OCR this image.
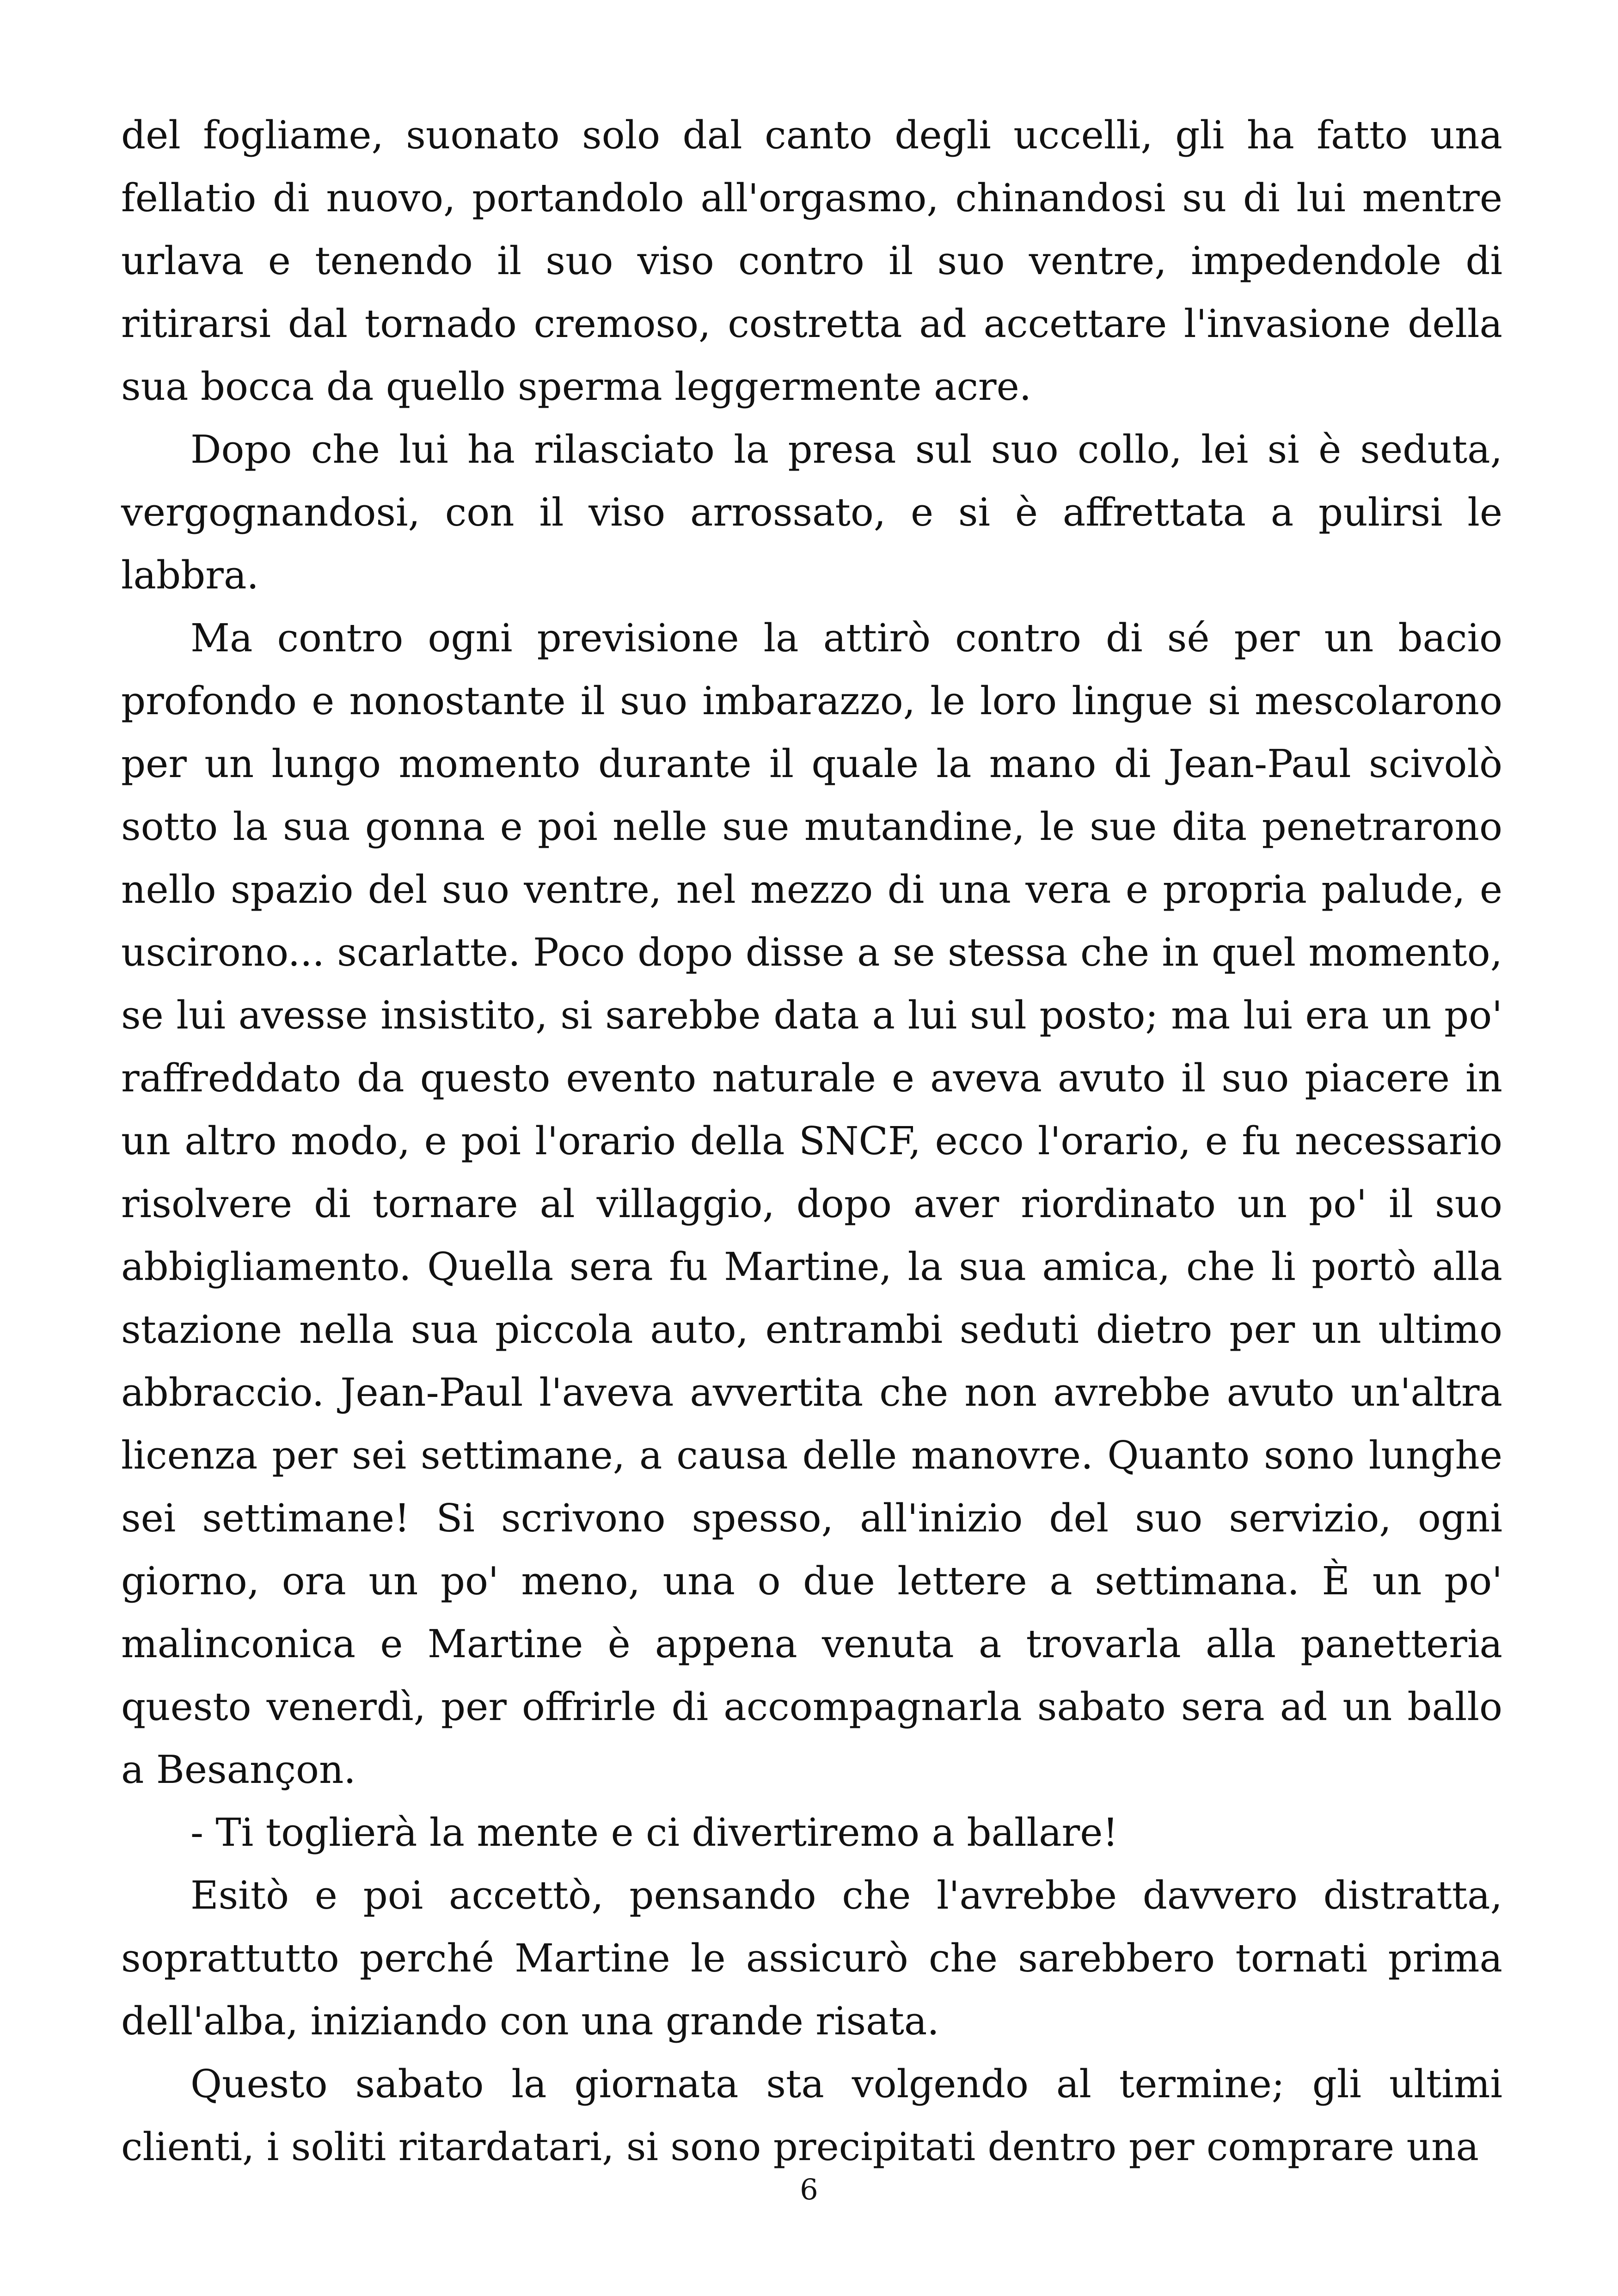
del fogliame, suonato solo dal canto degli uccelli, gli ha fatto una fellatio di nuovo, portandolo all'orgasmo, chinandosi su di lui mentre urlava e tenendo il suo viso contro il suo ventre, impedendole di ritirarsi dal tornado cremoso, costretta ad accettare l'invasione della sua bocca da quello sperma leggermente acre.

Dopo che lui ha rilasciato la presa sul suo collo, lei si è seduta, vergognandosi, con il viso arrossato, e si è affrettata a pulirsi le labbra.

Ma contro ogni previsione la attirò contro di sé per un bacio profondo e nonostante il suo imbarazzo, le loro lingue si mescolarono per un lungo momento durante il quale la mano di Jean-Paul scivolò sotto la sua gonna e poi nelle sue mutandine, le sue dita penetrarono nello spazio del suo ventre, nel mezzo di una vera e propria palude, e uscirono... scarlatte. Poco dopo disse a se stessa che in quel momento, se lui avesse insistito, si sarebbe data a lui sul posto; ma lui era un po' raffreddato da questo evento naturale e aveva avuto il suo piacere in un altro modo, e poi l'orario della SNCF, ecco l'orario, e fu necessario risolvere di tornare al villaggio, dopo aver riordinato un po' il suo abbigliamento. Quella sera fu Martine, la sua amica, che li portò alla stazione nella sua piccola auto, entrambi seduti dietro per un ultimo abbraccio. Jean-Paul l'aveva avvertita che non avrebbe avuto un'altra licenza per sei settimane, a causa delle manovre. Quanto sono lunghe sei settimane! Si scrivono spesso, all'inizio del suo servizio, ogni giorno, ora un po' meno, una o due lettere a settimana. È un po' malinconica e Martine è appena venuta a trovarla alla panetteria questo venerdì, per offrirle di accompagnarla sabato sera ad un ballo a Besançon.

- Ti toglierà la mente e ci divertiremo a ballare!

Esitò e poi accettò, pensando che l'avrebbe davvero distratta, soprattutto perché Martine le assicurò che sarebbero tornati prima dell'alba, iniziando con una grande risata.

Questo sabato la giornata sta volgendo al termine; gli ultimi clienti, i soliti ritardatari, si sono precipitati dentro per comprare una

6
